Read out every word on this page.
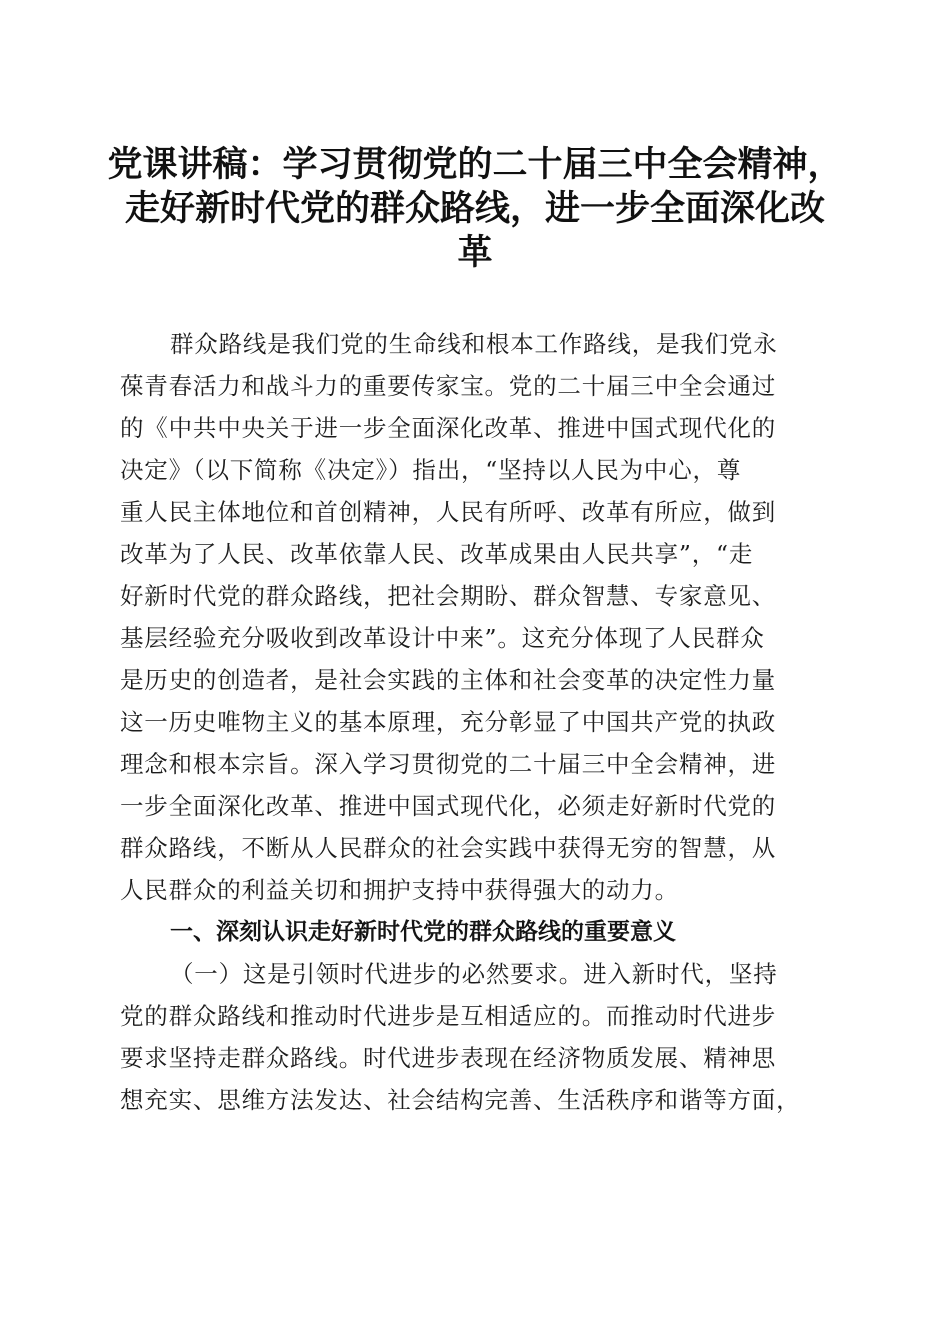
党课讲稿：学习贯彻党的二十届三中全会精神，
走好新时代党的群众路线，进一步全面深化改
革
群众路线是我们党的生命线和根本工作路线，是我们党永
葆青春活力和战斗力的重要传家宝。党的二十届三中全会通过
的《中共中央关于进一步全面深化改革、推进中国式现代化的
决定》（以下简称《决定》）指出，“坚持以人民为中心，尊
重人民主体地位和首创精神，人民有所呼、改革有所应，做到
改革为了人民、改革依靠人民、改革成果由人民共享”，“走
好新时代党的群众路线，把社会期盼、群众智慧、专家意见、
基层经验充分吸收到改革设计中来”。这充分体现了人民群众
是历史的创造者，是社会实践的主体和社会变革的决定性力量
这一历史唯物主义的基本原理，充分彰显了中国共产党的执政
理念和根本宗旨。深入学习贯彻党的二十届三中全会精神，进
一步全面深化改革、推进中国式现代化，必须走好新时代党的
群众路线，不断从人民群众的社会实践中获得无穷的智慧，从
人民群众的利益关切和拥护支持中获得强大的动力。
一、深刻认识走好新时代党的群众路线的重要意义
（一）这是引领时代进步的必然要求。进入新时代，坚持
党的群众路线和推动时代进步是互相适应的。而推动时代进步
要求坚持走群众路线。时代进步表现在经济物质发展、精神思
想充实、思维方法发达、社会结构完善、生活秩序和谐等方面，
